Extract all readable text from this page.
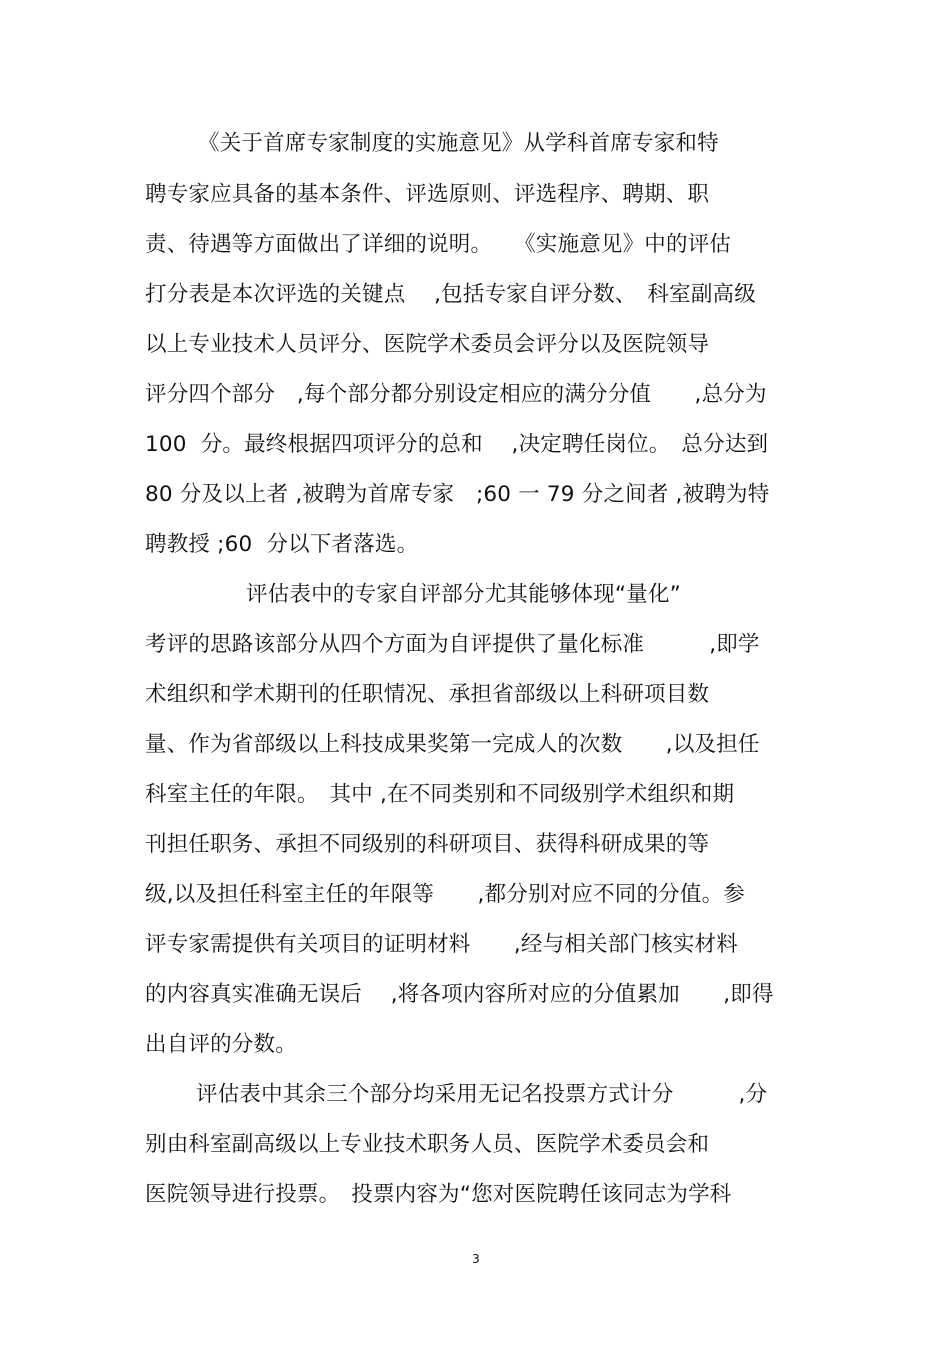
《关于首席专家制度的实施意见》从学科首席专家和特
聘专家应具备的基本条件、评选原则、评选程序、聘期、职
责、待遇等方面做出了详细的说明。　　《实施意见》中的评估
打分表是本次评选的关键点　 ,包括专家自评分数、　科室副高级
以上专业技术人员评分、医院学术委员会评分以及医院领导
评分四个部分　,每个部分都分别设定相应的满分分值　　,总分为
100  分。最终根据四项评分的总和　 ,决定聘任岗位。　总分达到
80 分及以上者 ,被聘为首席专家　;60 一 79 分之间者 ,被聘为特
聘教授 ;60  分以下者落选。
评估表中的专家自评部分尤其能够体现“量化”
考评的思路该部分从四个方面为自评提供了量化标准　　　,即学
术组织和学术期刊的任职情况、承担省部级以上科研项目数
量、作为省部级以上科技成果奖第一完成人的次数　　,以及担任
科室主任的年限。　其中 ,在不同类别和不同级别学术组织和期
刊担任职务、承担不同级别的科研项目、获得科研成果的等
级,以及担任科室主任的年限等　　,都分别对应不同的分值。参
评专家需提供有关项目的证明材料　　,经与相关部门核实材料
的内容真实准确无误后　 ,将各项内容所对应的分值累加　　,即得
出自评的分数。
评估表中其余三个部分均采用无记名投票方式计分　　　,分
别由科室副高级以上专业技术职务人员、医院学术委员会和
医院领导进行投票。　投票内容为“您对医院聘任该同志为学科
3
